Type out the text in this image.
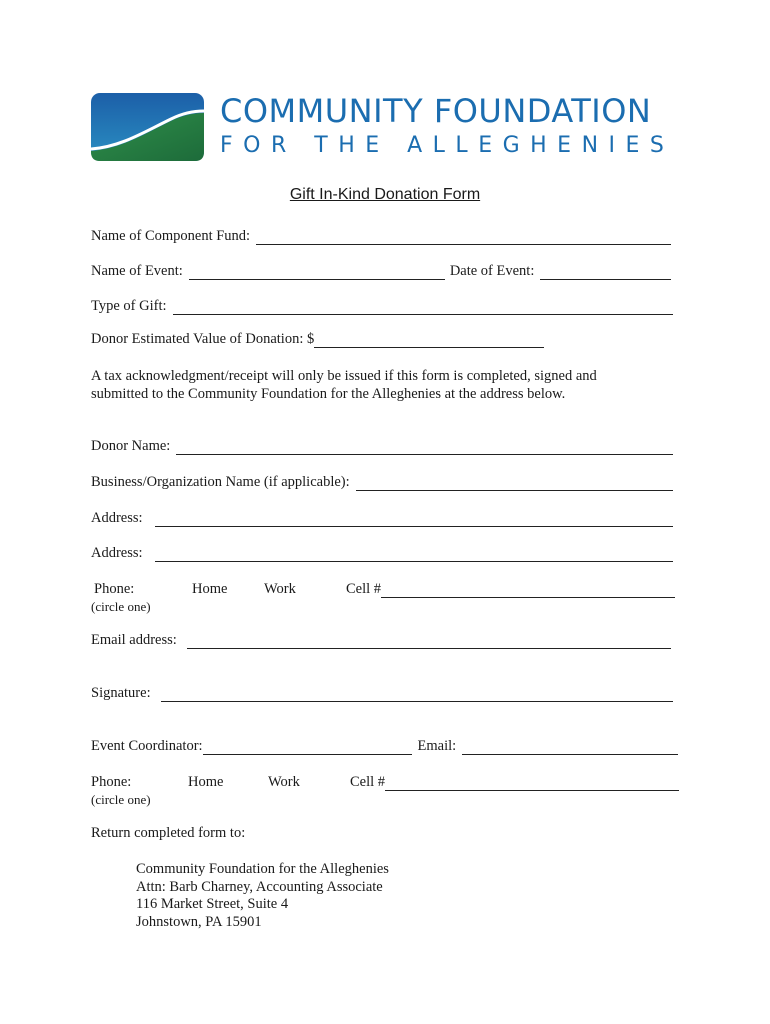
COMMUNITY FOUNDATION
FOR THE ALLEGHENIES
Gift In-Kind Donation Form
Name of Component Fund:
Name of Event:	Date of Event:
Type of Gift:
Donor Estimated Value of Donation: $
A tax acknowledgment/receipt will only be issued if this form is completed, signed and
submitted to the Community Foundation for the Alleghenies at the address below.
Donor Name:
Business/Organization Name (if applicable):
Address:
Address:
Phone:	Home	Work	Cell #
(circle one)
Email address:
Signature:
Event Coordinator:	Email:
Phone:	Home	Work	Cell #
(circle one)
Return completed form to:
Community Foundation for the Alleghenies
Attn: Barb Charney, Accounting Associate
116 Market Street, Suite 4
Johnstown, PA 15901
